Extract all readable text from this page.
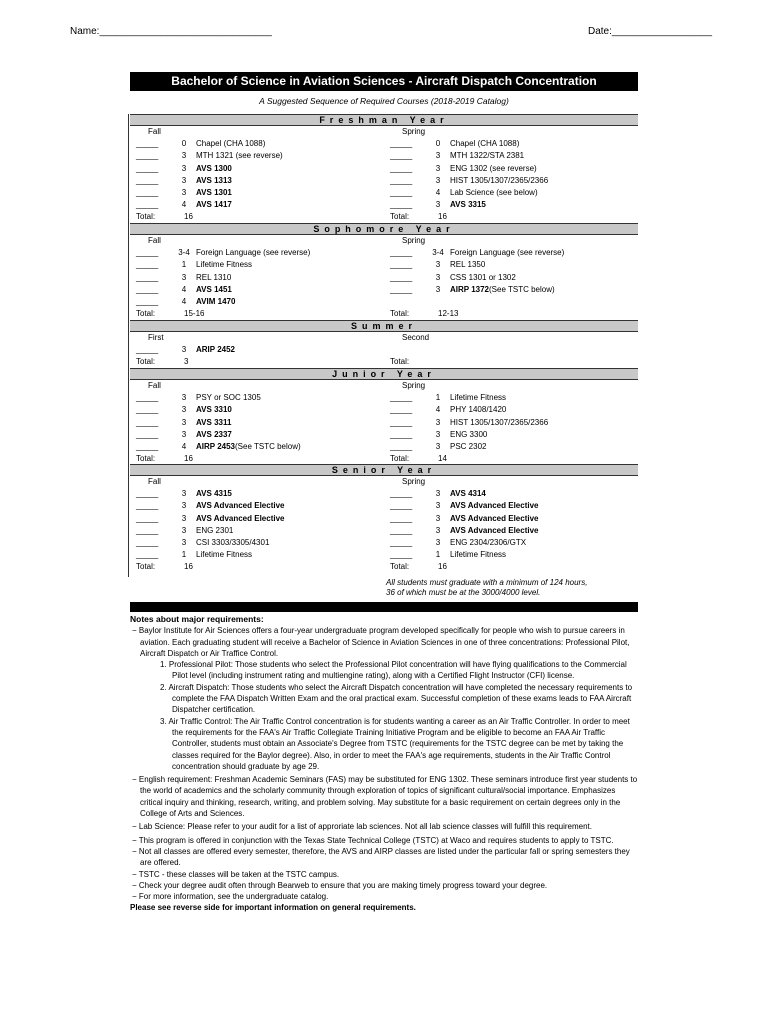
Name:_______________________________	Date:__________________
Bachelor of Science in Aviation Sciences - Aircraft Dispatch Concentration
A Suggested Sequence of Required Courses (2018-2019 Catalog)
Freshman Year
Fall
_____	0	Chapel (CHA 1088)
_____	3	MTH 1321 (see reverse)
_____	3	AVS 1300
_____	3	AVS 1313
_____	3	AVS 1301
_____	4	AVS 1417
Total:	16
Spring
_____	0	Chapel (CHA 1088)
_____	3	MTH 1322/STA 2381
_____	3	ENG 1302 (see reverse)
_____	3	HIST 1305/1307/2365/2366
_____	4	Lab Science (see below)
_____	3	AVS 3315
Total:	16
Sophomore Year
Fall
_____	3-4 Foreign Language (see reverse)
_____	1	Lifetime Fitness
_____	3	REL 1310
_____	4	AVS 1451
_____	4	AVIM 1470
Total:	15-16
Spring
_____	3-4 Foreign Language (see reverse)
_____	3	REL 1350
_____	3	CSS 1301 or 1302
_____	3	AIRP 1372 (See TSTC below)

Total:	12-13
Summer
First
_____	3	ARIP 2452
Total:	3
Second

Total:
Junior Year
Fall
_____	3	PSY or SOC 1305
_____	3	AVS 3310
_____	3	AVS 3311
_____	3	AVS 2337
_____	4	AIRP 2453 (See TSTC below)
Total:	16
Spring
_____	1	Lifetime Fitness
_____	4	PHY 1408/1420
_____	3	HIST 1305/1307/2365/2366
_____	3	ENG 3300
_____	3	PSC 2302
Total:	14
Senior Year
Fall
_____	3	AVS 4315
_____	3	AVS Advanced Elective
_____	3	AVS Advanced Elective
_____	3	ENG 2301
_____	3	CSI 3303/3305/4301
_____	1	Lifetime Fitness
Total:	16
Spring
_____	3	AVS 4314
_____	3	AVS Advanced Elective
_____	3	AVS Advanced Elective
_____	3	AVS Advanced Elective
_____	3	ENG 2304/2306/GTX
_____	1	Lifetime Fitness
Total:	16
All students must graduate with a minimum of 124 hours,
36 of which must be at the 3000/4000 level.
Notes about major requirements:

− Baylor Institute for Air Sciences offers a four-year undergraduate program developed specifically for people who wish to pursue careers in aviation. Each graduating student will receive a Bachelor of Science in Aviation Sciences in one of three concentrations: Professional Pilot, Aircraft Dispatch or Air Traffice Control.

1. Professional Pilot: Those students who select the Professional Pilot concentration will have flying qualifications to the Commercial Pilot level (including instrument rating and multiengine rating), along with a Certified Flight Instructor (CFI) license.

2. Aircraft Dispatch: Those students who select the Aircraft Dispatch concentration will have completed the necessary requirements to complete the FAA Dispatch Written Exam and the oral practical exam. Successful completion of these exams leads to FAA Aircraft Dispatcher certification.

3. Air Traffic Control: The Air Traffic Control concentration is for students wanting a career as an Air Traffic Controller. In order to meet the requirements for the FAA's Air Traffic Collegiate Training Initiative Program and be eligible to become an FAA Air Traffic Controller, students must obtain an Associate's Degree from TSTC (requirements for the TSTC degree can be met by taking the classes required for the Baylor degree). Also, in order to meet the FAA's age requirements, students in the Air Traffic Control concentration should graduate by age 29.

− English requirement: Freshman Academic Seminars (FAS) may be substituted for ENG 1302. These seminars introduce first year students to the world of academics and the scholarly community through exploration of topics of significant cultural/social importance. Emphasizes critical inquiry and thinking, research, writing, and problem solving. May substitute for a basic requirement on certain degrees only in the College of Arts and Sciences.

− Lab Science: Please refer to your audit for a list of approriate lab sciences. Not all lab science classes will fulfill this requirement.

− This program is offered in conjunction with the Texas State Technical College (TSTC) at Waco and requires students to apply to TSTC.

− Not all classes are offered every semester, therefore, the AVS and AIRP classes are listed under the particular fall or spring semesters they are offered.

− TSTC - these classes will be taken at the TSTC campus.

− Check your degree audit often through Bearweb to ensure that you are making timely progress toward your degree.

− For more information, see the undergraduate catalog.

Please see reverse side for important information on general requirements.
